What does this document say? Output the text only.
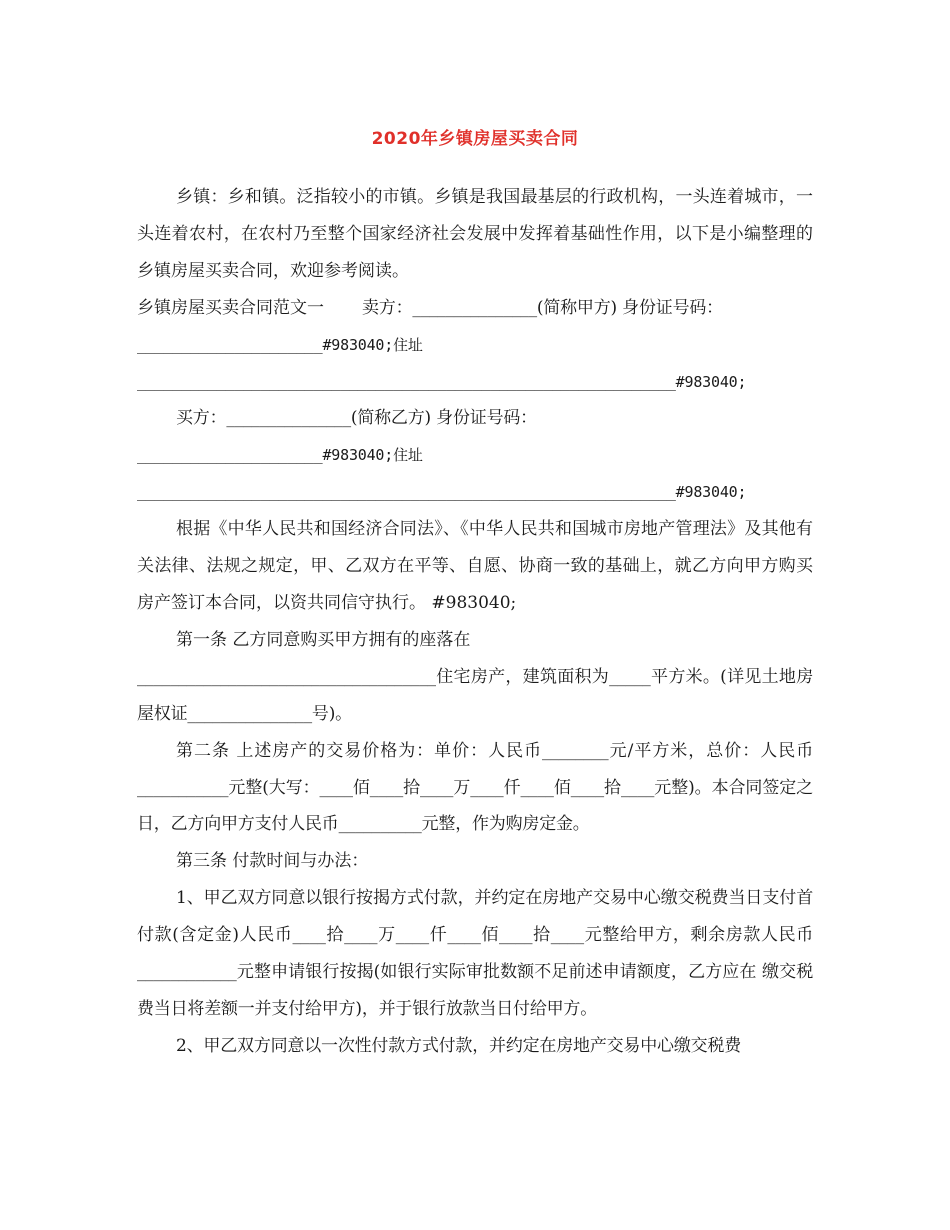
2020年乡镇房屋买卖合同

乡镇：乡和镇。泛指较小的市镇。乡镇是我国最基层的行政机构，一头连着城市，一头连着农村，在农村乃至整个国家经济社会发展中发挥着基础性作用，以下是小编整理的乡镇房屋买卖合同，欢迎参考阅读。

乡镇房屋买卖合同范文一 卖方：_______________(简称甲方) 身份证号码：

_____________________#983040;住址

_____________________________________________________________#983040;

买方：_______________(简称乙方) 身份证号码：

_____________________#983040;住址

_____________________________________________________________#983040;

根据《中华人民共和国经济合同法》、《中华人民共和国城市房地产管理法》及其他有关法律、法规之规定，甲、乙双方在平等、自愿、协商一致的基础上，就乙方向甲方购买房产签订本合同，以资共同信守执行。 #983040;

第一条 乙方同意购买甲方拥有的座落在

____________________________________住宅房产，建筑面积为_____平方米。(详见土地房屋权证_______________号)。

第二条 上述房产的交易价格为：单价：人民币________元/平方米，总价：人民币___________元整(大写：____佰____拾____万____仟____佰____拾____元整)。本合同签定之日，乙方向甲方支付人民币__________元整，作为购房定金。

第三条 付款时间与办法：

1、甲乙双方同意以银行按揭方式付款，并约定在房地产交易中心缴交税费当日支付首付款(含定金)人民币____拾____万____仟____佰____拾____元整给甲方，剩余房款人民币____________元整申请银行按揭(如银行实际审批数额不足前述申请额度，乙方应在 缴交税费当日将差额一并支付给甲方)，并于银行放款当日付给甲方。

2、甲乙双方同意以一次性付款方式付款，并约定在房地产交易中心缴交税费
